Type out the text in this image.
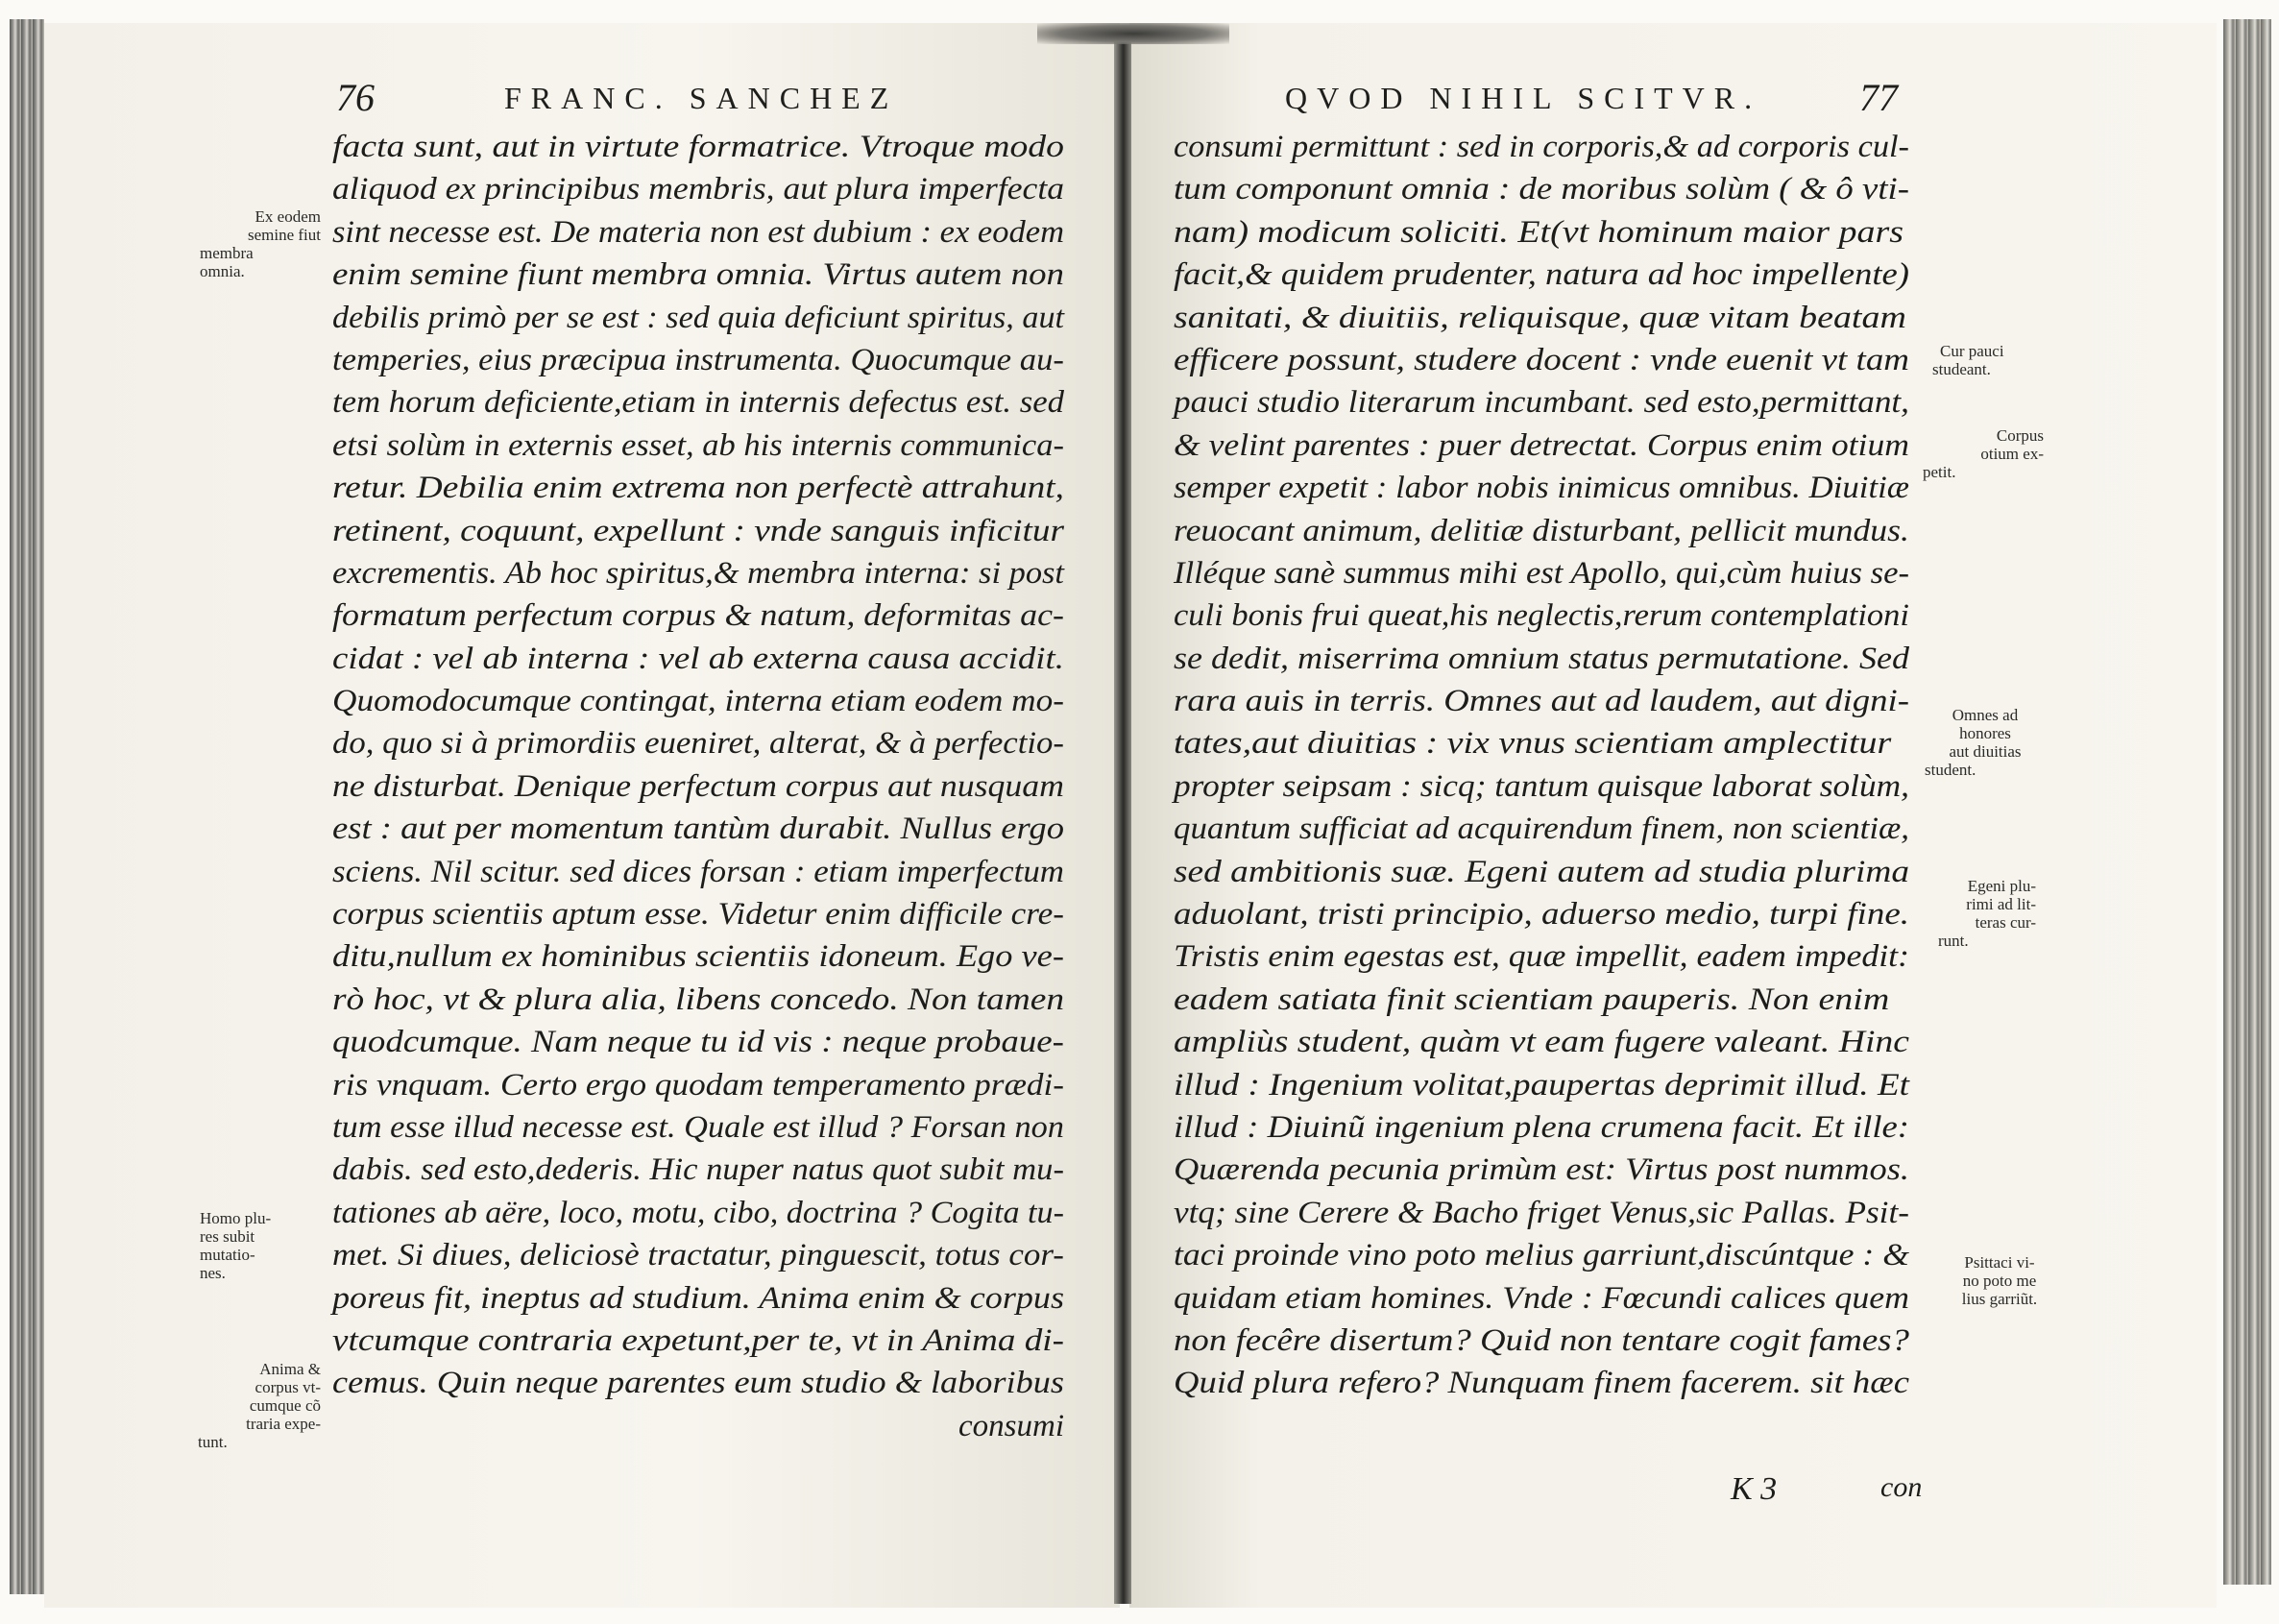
76	FRANC. SANCHEZ	QVOD NIHIL SCITVR.	77
facta sunt, aut in virtute formatrice. Vtroque modo
aliquod ex principibus membris, aut plura imperfecta
sint necesse est. De materia non est dubium : ex eodem
enim semine fiunt membra omnia. Virtus autem non
debilis primò per se est : sed quia deficiunt spiritus, aut
temperies, eius præcipua instrumenta. Quocumque au-
tem horum deficiente,etiam in internis defectus est. sed
etsi solùm in externis esset, ab his internis communica-
retur. Debilia enim extrema non perfectè attrahunt,
retinent, coquunt, expellunt : vnde sanguis inficitur
excrementis. Ab hoc spiritus,& membra interna: si post
formatum perfectum corpus & natum, deformitas ac-
cidat : vel ab interna : vel ab externa causa accidit.
Quomodocumque contingat, interna etiam eodem mo-
do, quo si à primordiis eueniret, alterat, & à perfectio-
ne disturbat. Denique perfectum corpus aut nusquam
est : aut per momentum tantùm durabit. Nullus ergo
sciens. Nil scitur. sed dices forsan : etiam imperfectum
corpus scientiis aptum esse. Videtur enim difficile cre-
ditu,nullum ex hominibus scientiis idoneum. Ego ve-
rò hoc, vt & plura alia, libens concedo. Non tamen
quodcumque. Nam neque tu id vis : neque probaue-
ris vnquam. Certo ergo quodam temperamento prædi-
tum esse illud necesse est. Quale est illud ? Forsan non
dabis. sed esto,dederis. Hic nuper natus quot subit mu-
tationes ab aëre, loco, motu, cibo, doctrina ? Cogita tu-
met. Si diues, deliciosè tractatur, pinguescit, totus cor-
poreus fit, ineptus ad studium. Anima enim & corpus
vtcumque contraria expetunt,per te, vt in Anima di-
cemus. Quin neque parentes eum studio & laboribus
consumi
Ex eodem
semine fiut
membra
omnia.
Homo plu-
res subit
mutatio-
nes.
Anima &
corpus vt-
cumque cõ
traria expe-
tunt.
consumi permittunt : sed in corporis,& ad corporis cul-
tum componunt omnia : de moribus solùm ( & ô vti-
nam) modicum soliciti. Et(vt hominum maior pars
facit,& quidem prudenter, natura ad hoc impellente)
sanitati, & diuitiis, reliquisque, quæ vitam beatam
efficere possunt, studere docent : vnde euenit vt tam
pauci studio literarum incumbant. sed esto,permittant,
& velint parentes : puer detrectat. Corpus enim otium
semper expetit : labor nobis inimicus omnibus. Diuitiæ
reuocant animum, delitiæ disturbant, pellicit mundus.
Illéque sanè summus mihi est Apollo, qui,cùm huius se-
culi bonis frui queat,his neglectis,rerum contemplationi
se dedit, miserrima omnium status permutatione. Sed
rara auis in terris. Omnes aut ad laudem, aut digni-
tates,aut diuitias : vix vnus scientiam amplectitur
propter seipsam : sicq; tantum quisque laborat solùm,
quantum sufficiat ad acquirendum finem, non scientiæ,
sed ambitionis suæ. Egeni autem ad studia plurima
aduolant, tristi principio, aduerso medio, turpi fine.
Tristis enim egestas est, quæ impellit, eadem impedit:
eadem satiata finit scientiam pauperis. Non enim
ampliùs student, quàm vt eam fugere valeant. Hinc
illud : Ingenium volitat,paupertas deprimit illud. Et
illud : Diuinũ ingenium plena crumena facit. Et ille:
Quærenda pecunia primùm est: Virtus post nummos.
vtq; sine Cerere & Bacho friget Venus,sic Pallas. Psit-
taci proinde vino poto melius garriunt,discúntque : &
quidam etiam homines. Vnde : Fœcundi calices quem
non fecêre disertum? Quid non tentare cogit fames?
Quid plura refero? Nunquam finem facerem. sit hæc
K 3	con
Cur pauci
studeant.
Corpus
otium ex-
petit.
Omnes ad
honores
aut diuitias
student.
Egeni plu-
rimi ad lit-
teras cur-
runt.
Psittaci vi-
no poto me
lius garriũt.
